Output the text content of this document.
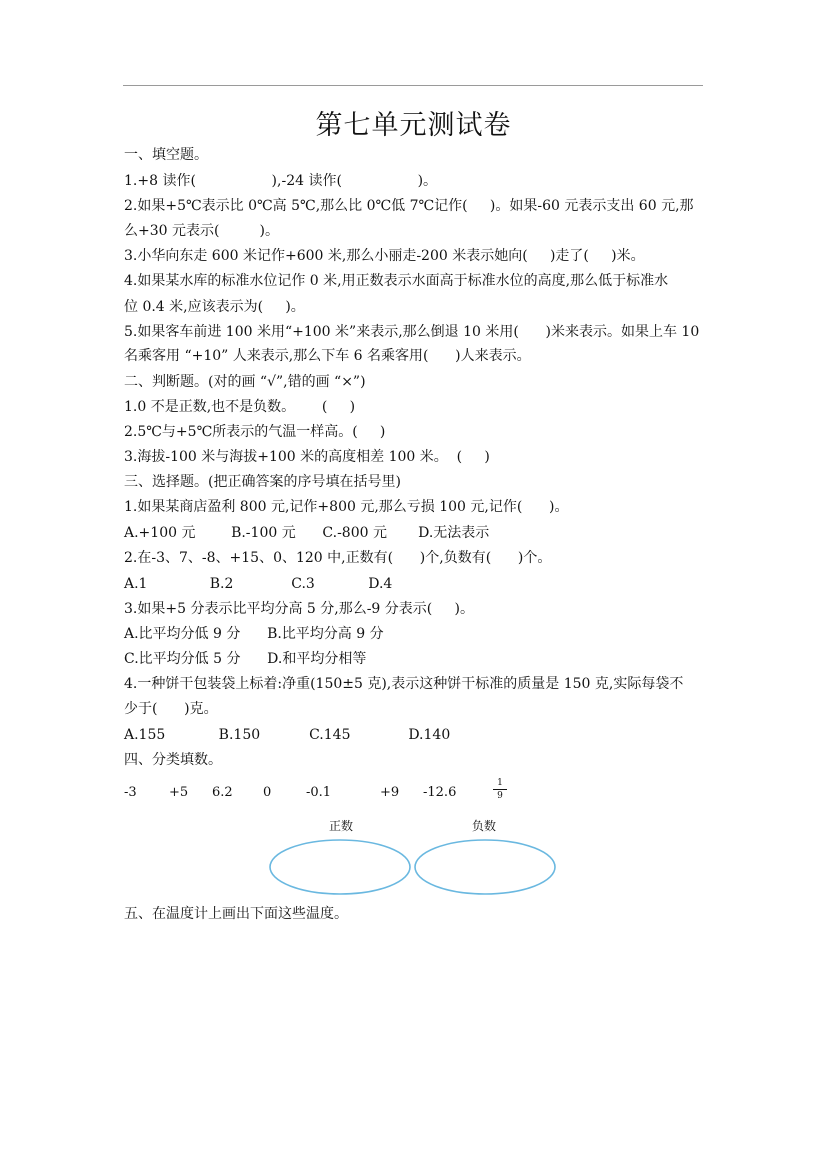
第七单元测试卷
一、填空题。
1.+8 读作(                 ),-24 读作(                 )。
2.如果+5℃表示比 0℃高 5℃,那么比 0℃低 7℃记作(     )。如果-60 元表示支出 60 元,那
么+30 元表示(         )。
3.小华向东走 600 米记作+600 米,那么小丽走-200 米表示她向(     )走了(     )米。
4.如果某水库的标准水位记作 0 米,用正数表示水面高于标准水位的高度,那么低于标准水
位 0.4 米,应该表示为(     )。
5.如果客车前进 100 米用“+100 米”来表示,那么倒退 10 米用(      )米来表示。如果上车 10
名乘客用 “+10” 人来表示,那么下车 6 名乘客用(      )人来表示。
二、判断题。(对的画 “√”,错的画 “×”)
1.0 不是正数,也不是负数。      (     )
2.5℃与+5℃所表示的气温一样高。(     )
3.海拔-100 米与海拔+100 米的高度相差 100 米。  (     )
三、选择题。(把正确答案的序号填在括号里)
1.如果某商店盈利 800 元,记作+800 元,那么亏损 100 元,记作(      )。
A.+100 元        B.-100 元      C.-800 元       D.无法表示
2.在-3、7、-8、+15、0、120 中,正数有(      )个,负数有(      )个。
A.1              B.2             C.3            D.4
3.如果+5 分表示比平均分高 5 分,那么-9 分表示(     )。
A.比平均分低 9 分      B.比平均分高 9 分
C.比平均分低 5 分      D.和平均分相等
4.一种饼干包装袋上标着:净重(150±5 克),表示这种饼干标准的质量是 150 克,实际每袋不
少于(      )克。
A.155            B.150           C.145             D.140
四、分类填数。
-3 +5 6.2 0	-0.1	+9 -12.6
1
9
正数	负数
五、在温度计上画出下面这些温度。
